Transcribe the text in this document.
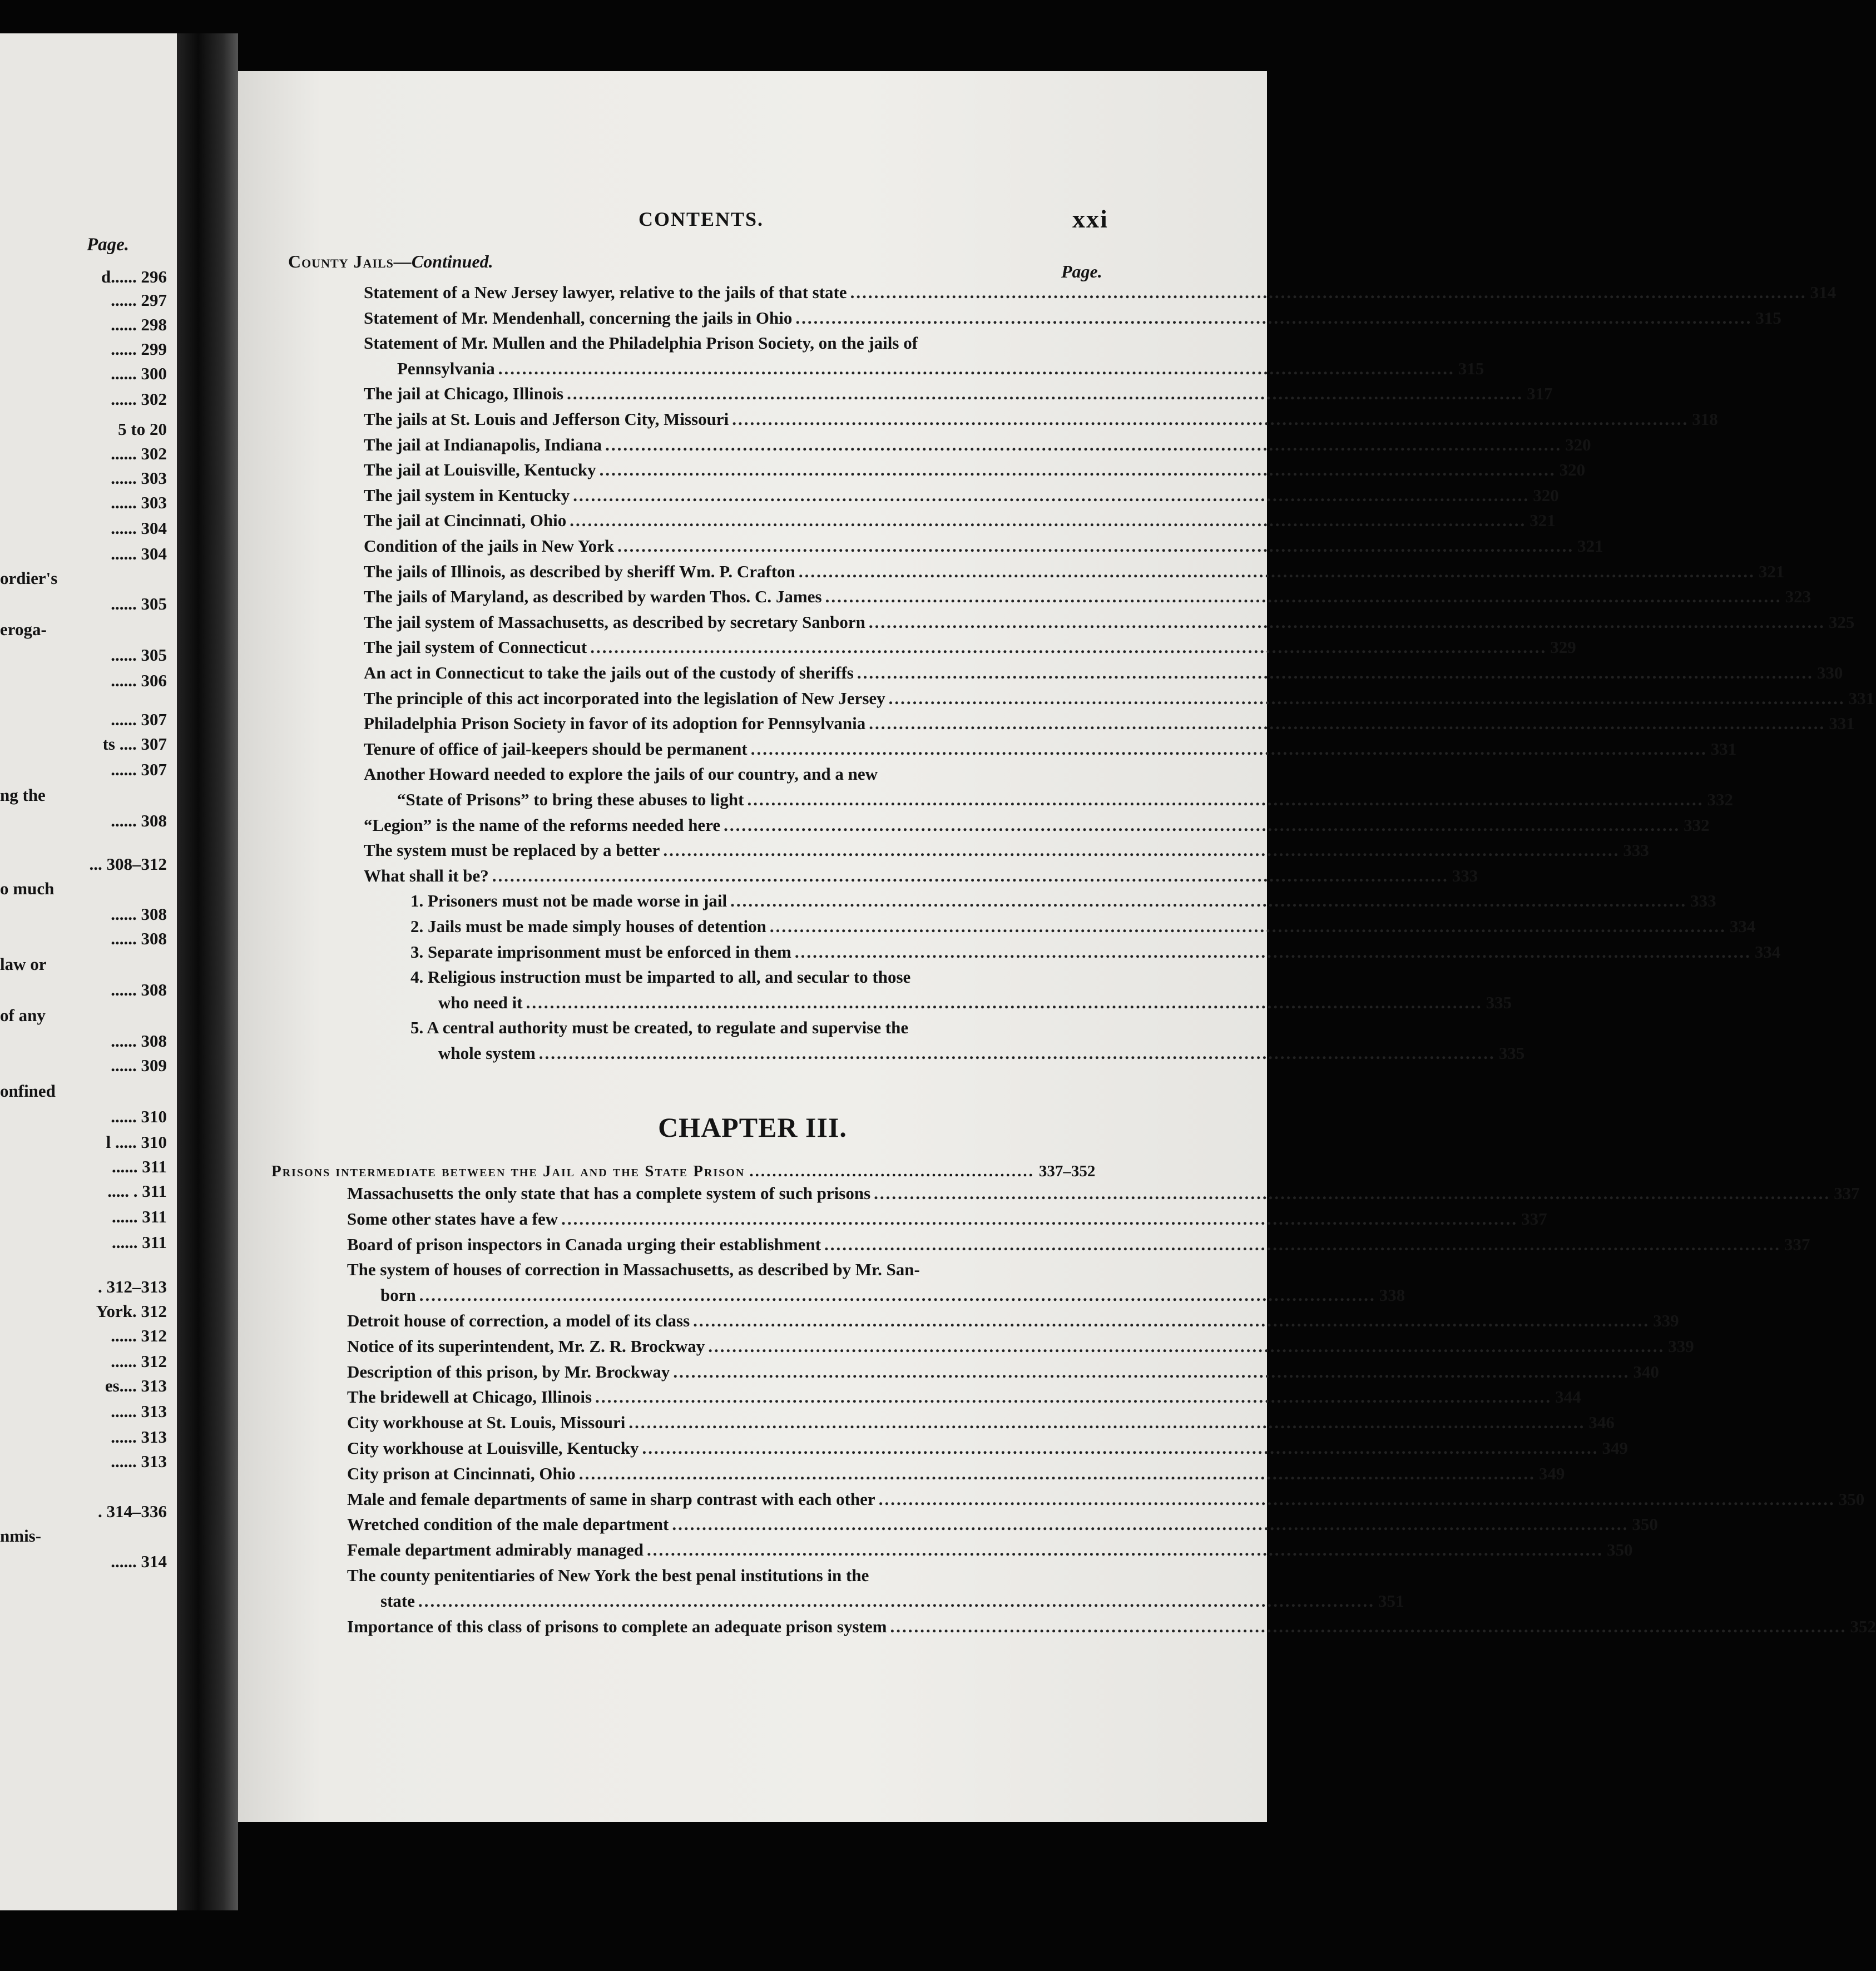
Page.
d...... 296
...... 297
...... 298
...... 299
...... 300
...... 302
5 to 20
...... 302
...... 303
...... 303
...... 304
...... 304
ordier's
...... 305
eroga-
...... 305
...... 306
...... 307
ts .... 307
...... 307
ng the
...... 308
... 308–312
o much
...... 308
...... 308
law or
...... 308
of any
...... 308
...... 309
onfined
...... 310
l ..... 310
...... 311
..... . 311
...... 311
...... 311
. 312–313
York. 312
...... 312
...... 312
es.... 313
...... 313
...... 313
...... 313
. 314–336
nmis-
...... 314
CONTENTS.	xxi
County Jails—Continued.	Page.
Statement of a New Jersey lawyer, relative to the jails of that state ................................................................................................................................................................ 314
Statement of Mr. Mendenhall, concerning the jails in Ohio ................................................................................................................................................................ 315
Statement of Mr. Mullen and the Philadelphia Prison Society, on the jails of
Pennsylvania ................................................................................................................................................................ 315
The jail at Chicago, Illinois ................................................................................................................................................................ 317
The jails at St. Louis and Jefferson City, Missouri ................................................................................................................................................................ 318
The jail at Indianapolis, Indiana ................................................................................................................................................................ 320
The jail at Louisville, Kentucky ................................................................................................................................................................ 320
The jail system in Kentucky ................................................................................................................................................................ 320
The jail at Cincinnati, Ohio ................................................................................................................................................................ 321
Condition of the jails in New York ................................................................................................................................................................ 321
The jails of Illinois, as described by sheriff Wm. P. Crafton ................................................................................................................................................................ 321
The jails of Maryland, as described by warden Thos. C. James ................................................................................................................................................................ 323
The jail system of Massachusetts, as described by secretary Sanborn ................................................................................................................................................................ 325
The jail system of Connecticut ................................................................................................................................................................ 329
An act in Connecticut to take the jails out of the custody of sheriffs ................................................................................................................................................................ 330
The principle of this act incorporated into the legislation of New Jersey ................................................................................................................................................................ 331
Philadelphia Prison Society in favor of its adoption for Pennsylvania ................................................................................................................................................................ 331
Tenure of office of jail-keepers should be permanent ................................................................................................................................................................ 331
Another Howard needed to explore the jails of our country, and a new
“State of Prisons” to bring these abuses to light ................................................................................................................................................................ 332
“Legion” is the name of the reforms needed here ................................................................................................................................................................ 332
The system must be replaced by a better ................................................................................................................................................................ 333
What shall it be? ................................................................................................................................................................ 333
1. Prisoners must not be made worse in jail ................................................................................................................................................................ 333
2. Jails must be made simply houses of detention ................................................................................................................................................................ 334
3. Separate imprisonment must be enforced in them ................................................................................................................................................................ 334
4. Religious instruction must be imparted to all, and secular to those
who need it ................................................................................................................................................................ 335
5. A central authority must be created, to regulate and supervise the
whole system ................................................................................................................................................................ 335
CHAPTER III.
Prisons intermediate between the Jail and the State Prison .................................................. 337–352
Massachusetts the only state that has a complete system of such prisons ................................................................................................................................................................ 337
Some other states have a few ................................................................................................................................................................ 337
Board of prison inspectors in Canada urging their establishment ................................................................................................................................................................ 337
The system of houses of correction in Massachusetts, as described by Mr. San-
born ................................................................................................................................................................ 338
Detroit house of correction, a model of its class ................................................................................................................................................................ 339
Notice of its superintendent, Mr. Z. R. Brockway ................................................................................................................................................................ 339
Description of this prison, by Mr. Brockway ................................................................................................................................................................ 340
The bridewell at Chicago, Illinois ................................................................................................................................................................ 344
City workhouse at St. Louis, Missouri ................................................................................................................................................................ 346
City workhouse at Louisville, Kentucky ................................................................................................................................................................ 349
City prison at Cincinnati, Ohio ................................................................................................................................................................ 349
Male and female departments of same in sharp contrast with each other ................................................................................................................................................................ 350
Wretched condition of the male department ................................................................................................................................................................ 350
Female department admirably managed ................................................................................................................................................................ 350
The county penitentiaries of New York the best penal institutions in the
state ................................................................................................................................................................ 351
Importance of this class of prisons to complete an adequate prison system ................................................................................................................................................................ 352
